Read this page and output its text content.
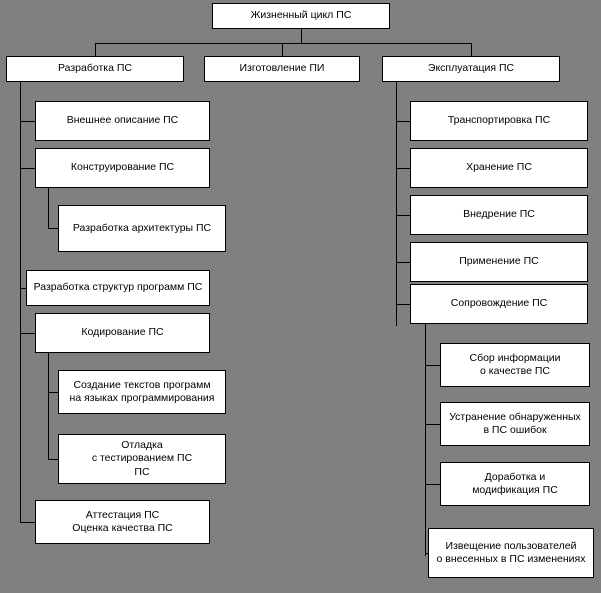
Жизненный цикл ПС
Разработка ПС	Изготовление ПИ	Эксплуатация ПС
Внешнее описание ПС
Конструирование ПС
Разработка архитектуры ПС
Разработка структур программ ПС
Кодирование ПС
Создание текстов программ
на языках программирования
Отладка
с тестированием ПС
ПС
Аттестация ПС
Оценка качества ПС
Транспортировка ПС
Хранение ПС
Внедрение ПС
Применение ПС
Сопровождение ПС
Сбор информации
о качестве ПС
Устранение обнаруженных
в ПС ошибок
Доработка и
модификация ПС
Извещение пользователей
о внесенных в ПС изменениях
